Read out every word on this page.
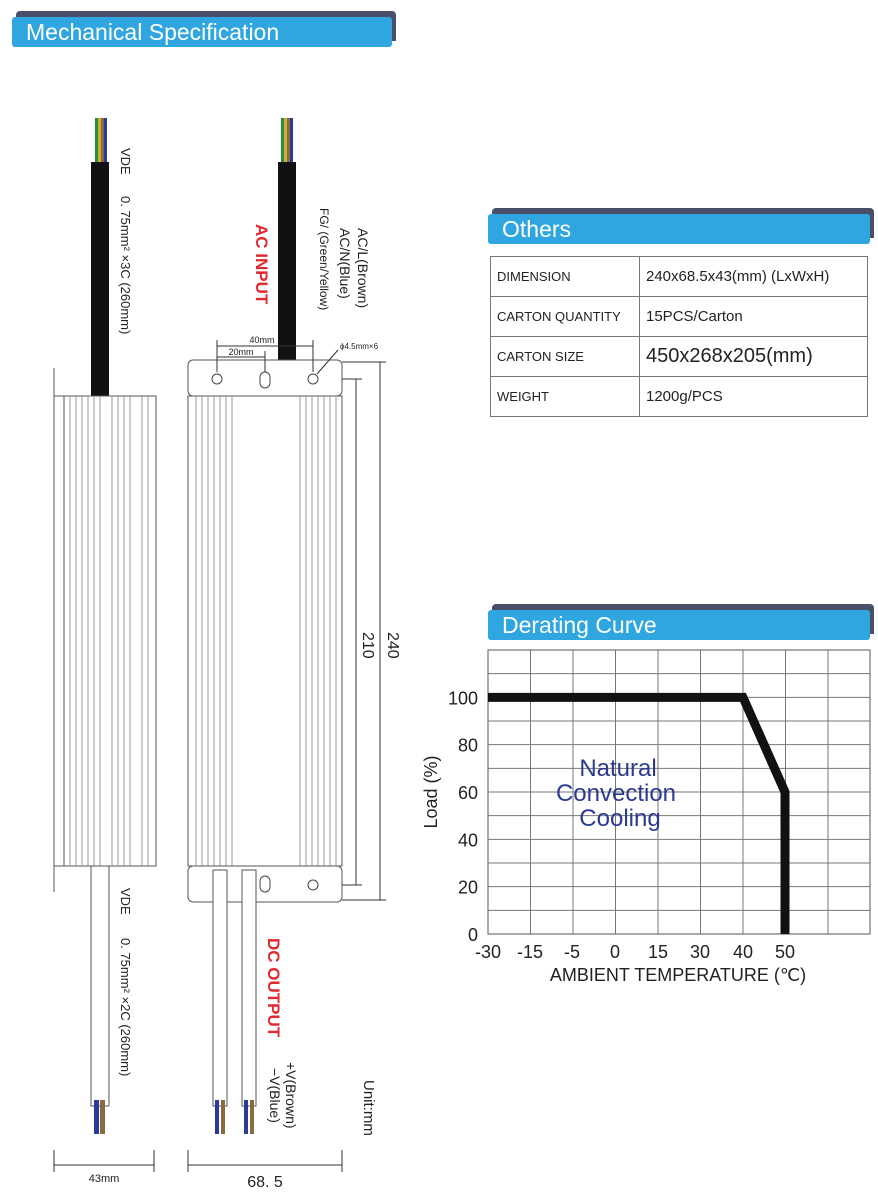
Mechanical Specification
Others
Derating Curve
43mm
VDE
0. 75mm² ×3C (260mm)
VDE
0. 75mm² ×2C (260mm)
40mm
20mm
ϕ4.5mm×6
210 240
68. 5
AC INPUT	AC/L(Brown)
AC/N(Blue)
FG/ (Green/Yellow)
DC OUTPUT
+V(Brown)
−V(Blue)	Unit:mm
DIMENSION	240x68.5x43(mm) (LxWxH)
CARTON QUANTITY	15PCS/Carton
CARTON SIZE	450x268x205(mm)
WEIGHT	1200g/PCS
0
20
40
60
80
100
-30 -15 -5 0 15 30 40 50
Natural
Convection
Cooling
AMBIENT TEMPERATURE (℃)
Load (%)
